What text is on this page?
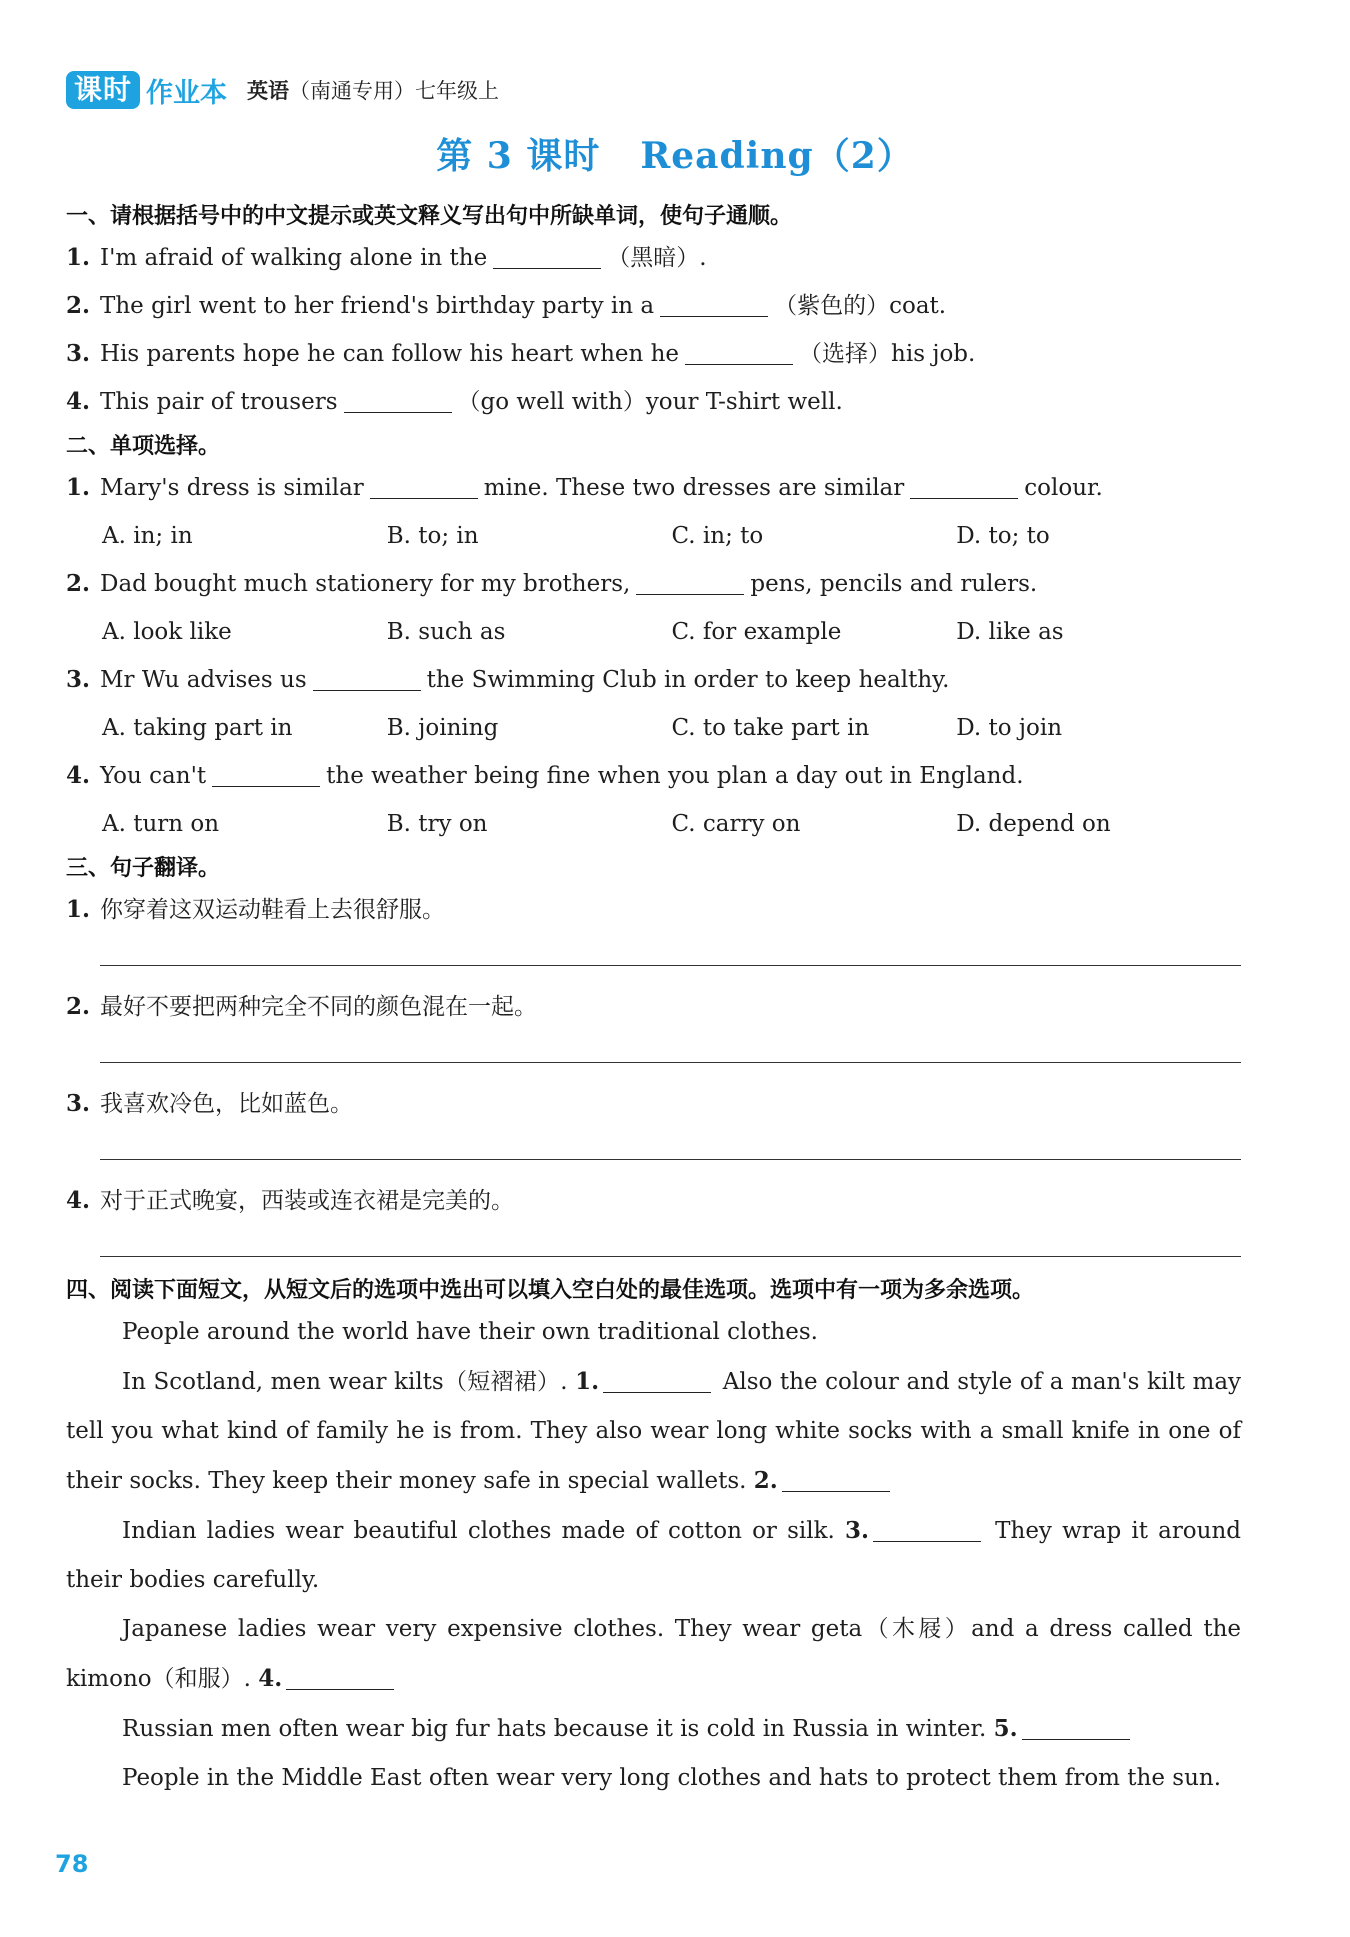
课时 作业本 英语（南通专用）七年级上
第 3 课时 Reading（2）
一、请根据括号中的中文提示或英文释义写出句中所缺单词，使句子通顺。
1. I'm afraid of walking alone in the	（黑暗）.
2. The girl went to her friend's birthday party in a	（紫色的）coat.
3. His parents hope he can follow his heart when he	（选择）his job.
4. This pair of trousers	（go well with）your T-shirt well.
二、单项选择。
1. Mary's dress is similar	mine. These two dresses are similar	colour.
A. in; in	B. to; in	C. in; to	D. to; to
2. Dad bought much stationery for my brothers,	pens, pencils and rulers.
A. look like	B. such as	C. for example	D. like as
3. Mr Wu advises us	the Swimming Club in order to keep healthy.
A. taking part in	B. joining	C. to take part in	D. to join
4. You can't	the weather being fine when you plan a day out in England.
A. turn on	B. try on	C. carry on	D. depend on
三、句子翻译。
1. 你穿着这双运动鞋看上去很舒服。
2. 最好不要把两种完全不同的颜色混在一起。
3. 我喜欢冷色，比如蓝色。
4. 对于正式晚宴，西装或连衣裙是完美的。
四、阅读下面短文，从短文后的选项中选出可以填入空白处的最佳选项。选项中有一项为多余选项。

People around the world have their own traditional clothes.

In Scotland, men wear kilts（短褶裙）. 1.	Also the colour and style of a man's kilt may tell you what kind of family he is from. They also wear long white socks with a small knife in one of their socks. They keep their money safe in special wallets. 2.

Indian ladies wear beautiful clothes made of cotton or silk. 3.	They wrap it around their bodies carefully.

Japanese ladies wear very expensive clothes. They wear geta（木屐）and a dress called the kimono（和服）. 4.

Russian men often wear big fur hats because it is cold in Russia in winter. 5.

People in the Middle East often wear very long clothes and hats to protect them from the sun.

78
